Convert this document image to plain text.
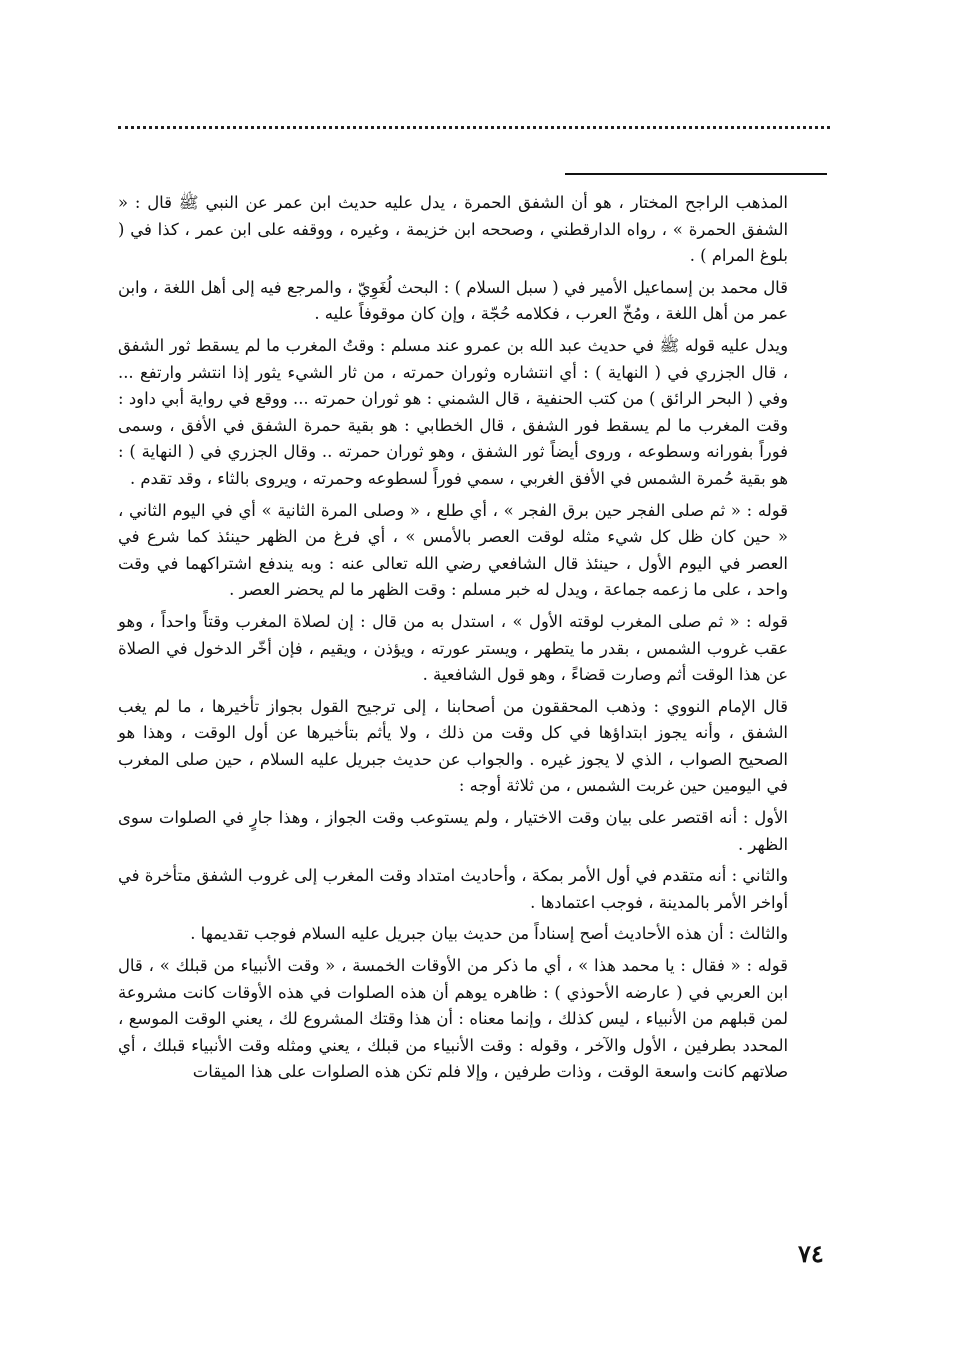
المذهب الراجح المختار ، هو أن الشفق الحمرة ، يدل عليه حديث ابن عمر عن النبي ﷺ قال : « الشفق الحمرة » ، رواه الدارقطني ، وصححه ابن خزيمة ، وغيره ، ووقفه على ابن عمر ، كذا في ( بلوغ المرام ) .

قال محمد بن إسماعيل الأمير في ( سبل السلام ) : البحث لُغَوِيّ ، والمرجع فيه إلى أهل اللغة ، وابن عمر من أهل اللغة ، ومُخّ العرب ، فكلامه حُجّة ، وإن كان موقوفاً عليه .

ويدل عليه قوله ﷺ في حديث عبد الله بن عمرو عند مسلم : وقتُ المغرب ما لم يسقط ثور الشفق ، قال الجزري في ( النهاية ) : أي انتشاره وثوران حمرته ، من ثار الشيء يثور إذا انتشر وارتفع ... وفي ( البحر الرائق ) من كتب الحنفية ، قال الشمني : هو ثوران حمرته ... ووقع في رواية أبي داود : وقت المغرب ما لم يسقط فور الشفق ، قال الخطابي : هو بقية حمرة الشفق في الأفق ، وسمى فوراً بفورانه وسطوعه ، وروى أيضاً ثور الشفق ، وهو ثوران حمرته .. وقال الجزري في ( النهاية ) : هو بقية حُمرة الشمس في الأفق الغربي ، سمي فوراً لسطوعه وحمرته ، ويروى بالثاء ، وقد تقدم .

قوله : « ثم صلى الفجر حين برق الفجر » ، أي طلع ، « وصلى المرة الثانية » أي في اليوم الثاني ، « حين كان ظل كل شيء مثله لوقت العصر بالأمس » ، أي فرغ من الظهر حينئذ كما شرع في العصر في اليوم الأول ، حينئذ قال الشافعي رضي الله تعالى عنه : وبه يندفع اشتراكهما في وقت واحد ، على ما زعمه جماعة ، ويدل له خبر مسلم : وقت الظهر ما لم يحضر العصر .

قوله : « ثم صلى المغرب لوقته الأول » ، استدل به من قال : إن لصلاة المغرب وقتاً واحداً ، وهو عقب غروب الشمس ، بقدر ما يتطهر ، ويستر عورته ، ويؤذن ، ويقيم ، فإن أخّر الدخول في الصلاة عن هذا الوقت أثم وصارت قضاءً ، وهو قول الشافعية .

قال الإمام النووي : وذهب المحققون من أصحابنا ، إلى ترجيح القول بجواز تأخيرها ، ما لم يغب الشفق ، وأنه يجوز ابتداؤها في كل وقت من ذلك ، ولا يأثم بتأخيرها عن أول الوقت ، وهذا هو الصحيح الصواب ، الذي لا يجوز غيره . والجواب عن حديث جبريل عليه السلام ، حين صلى المغرب في اليومين حين غربت الشمس ، من ثلاثة أوجه :

الأول : أنه اقتصر على بيان وقت الاختيار ، ولم يستوعب وقت الجواز ، وهذا جارٍ في الصلوات سوى الظهر .

والثاني : أنه متقدم في أول الأمر بمكة ، وأحاديث امتداد وقت المغرب إلى غروب الشفق متأخرة في أواخر الأمر بالمدينة ، فوجب اعتمادها .

والثالث : أن هذه الأحاديث أصح إسناداً من حديث بيان جبريل عليه السلام فوجب تقديمها .

قوله : « فقال : يا محمد هذا » ، أي ما ذكر من الأوقات الخمسة ، « وقت الأنبياء من قبلك » ، قال ابن العربي في ( عارضه الأحوذي ) : ظاهره يوهم أن هذه الصلوات في هذه الأوقات كانت مشروعة لمن قبلهم من الأنبياء ، ليس كذلك ، وإنما معناه : أن هذا وقتك المشروع لك ، يعني الوقت الموسع ، المحدد بطرفين ، الأول والآخر ، وقوله : وقت الأنبياء من قبلك ، يعني ومثله وقت الأنبياء قبلك ، أي صلاتهم كانت واسعة الوقت ، وذات طرفين ، وإلا فلم تكن هذه الصلوات على هذا الميقات

٧٤
